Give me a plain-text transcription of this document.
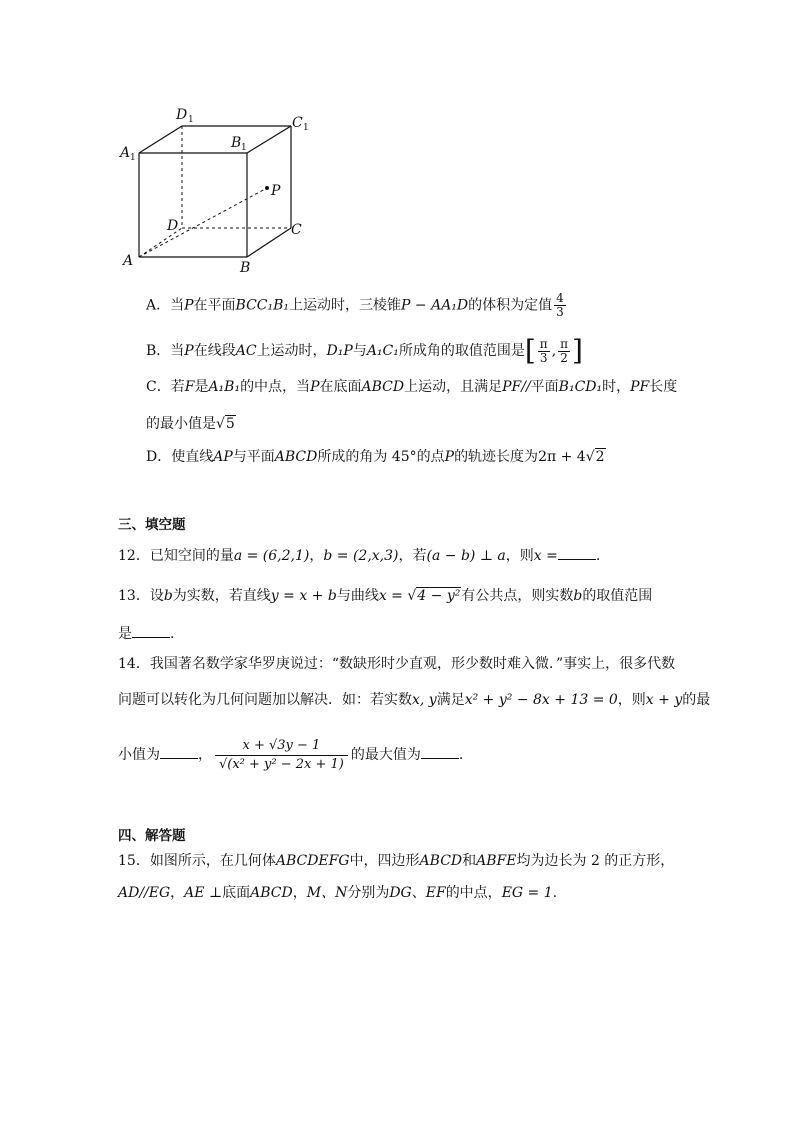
D 1	C 1
A 1
B 1
P
D	C
A	B
A．当P在平面BCC₁B₁上运动时，三棱锥P − AA₁D的体积为定值 $\frac{4}{3}$
B．当P在线段AC上运动时，D₁P与A₁C₁所成角的取值范围是[ $\frac{\pi}{3}$ , $\frac{\pi}{2}$ ]
C．若F是A₁B₁的中点，当P在底面ABCD上运动，且满足PF//平面B₁CD₁时，PF长度
的最小值是√5
D．使直线AP与平面ABCD所成的角为 45°的点P的轨迹长度为2π + 4√2
三、填空题
12．已知空间的量a = (6,2,1)，b = (2,x,3)，若(a − b) ⊥ a，则x =	.
13．设b为实数，若直线y = x + b与曲线x = √4 − y²有公共点，则实数b的取值范围
是	.
14．我国著名数学家华罗庚说过：“数缺形时少直观，形少数时难入微．”事实上，很多代数
问题可以转化为几何问题加以解决．如：若实数x, y满足x² + y² − 8x + 13 = 0，则x + y的最
小值为	， $\frac{x + √3y - 1}{\text{√(x² + y² − 2x + 1)}}$ 的最大值为	.
四、解答题
15．如图所示，在几何体ABCDEFG中，四边形ABCD和ABFE均为边长为 2 的正方形，
AD//EG，AE ⊥底面ABCD，M、N分别为DG、EF的中点，EG = 1.
